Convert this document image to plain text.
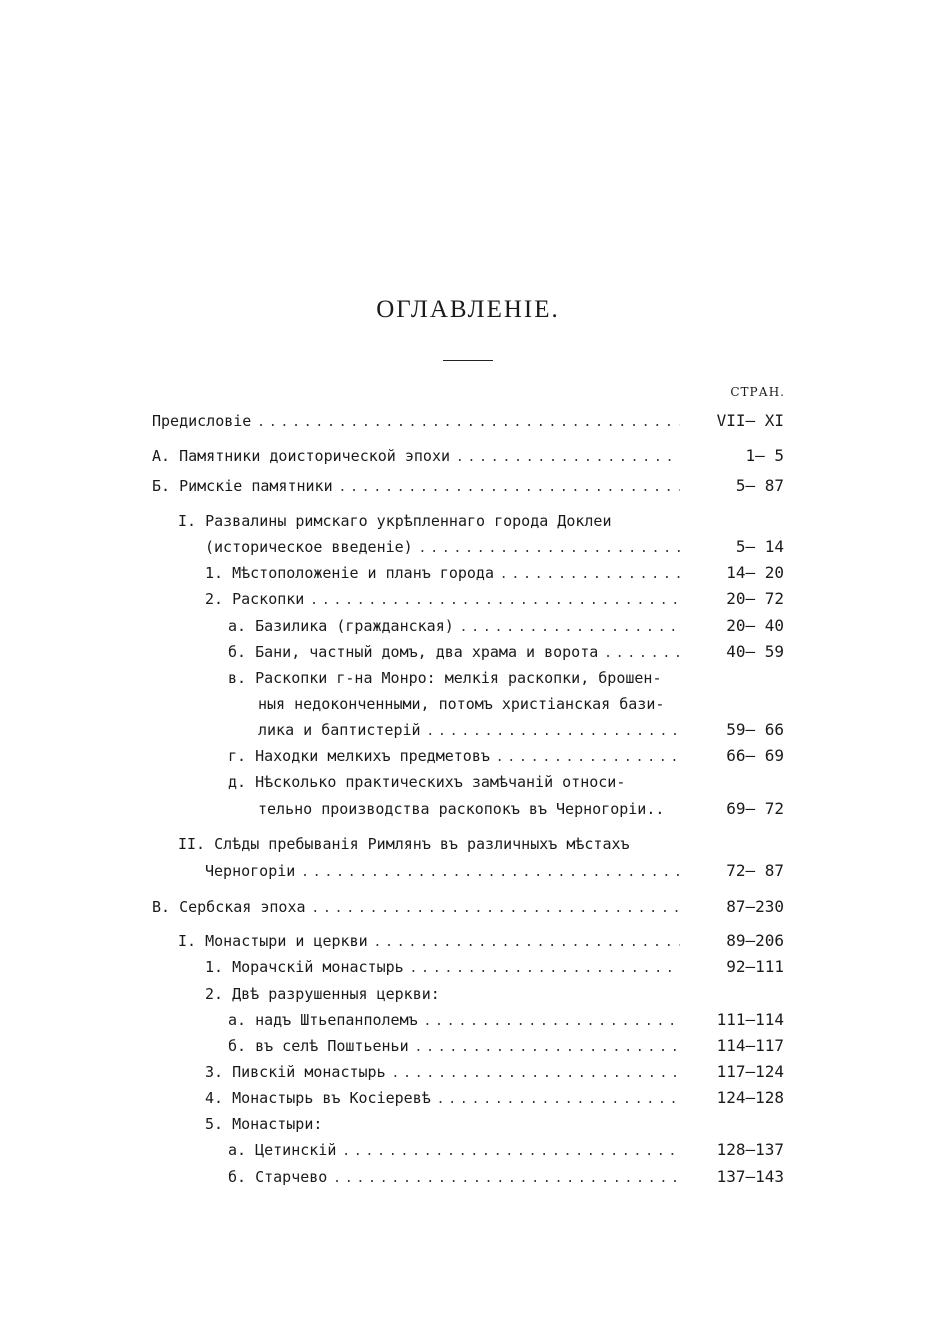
ОГЛАВЛЕНIЕ.
СТРАН.
Предисловiе . . .	VII— XI
А. Памятники доисторической эпохи . . .	1— 5
Б. Римскiе памятники . . .	5— 87
I. Развалины римскаго укрѣпленнаго города Доклеи
(историческое введенiе) . . .	5— 14
1. Мѣстоположенiе и планъ города . . .	14— 20
2. Раскопки . . .	20— 72
а. Базилика (гражданская) . . .	20— 40
б. Бани, частный домъ, два храма и ворота . . .	40— 59
в. Раскопки г-на Монро: мелкiя раскопки, брошен-
ныя недоконченными, потомъ христiанская бази-
лика и баптистерiй . . .	59— 66
г. Находки мелкихъ предметовъ . . .	66— 69
д. Нѣсколько практическихъ замѣчанiй относи-
тельно производства раскопокъ въ Черногорiи..	69— 72
II. Слѣды пребыванiя Римлянъ въ различныхъ мѣстахъ
Черногорiи . . .	72— 87
В. Сербская эпоха . . .	87—230
I. Монастыри и церкви . . .	89—206
1. Морачскiй монастырь . . .	92—111
2. Двѣ разрушенныя церкви:
а. надъ Штьепанполемъ . . .	111—114
б. въ селѣ Поштьеньи . . .	114—117
3. Пивскiй монастырь . . .	117—124
4. Монастырь въ Косiеревѣ . . .	124—128
5. Монастыри:
а. Цетинскiй . . .	128—137
б. Старчево . . .	137—143
